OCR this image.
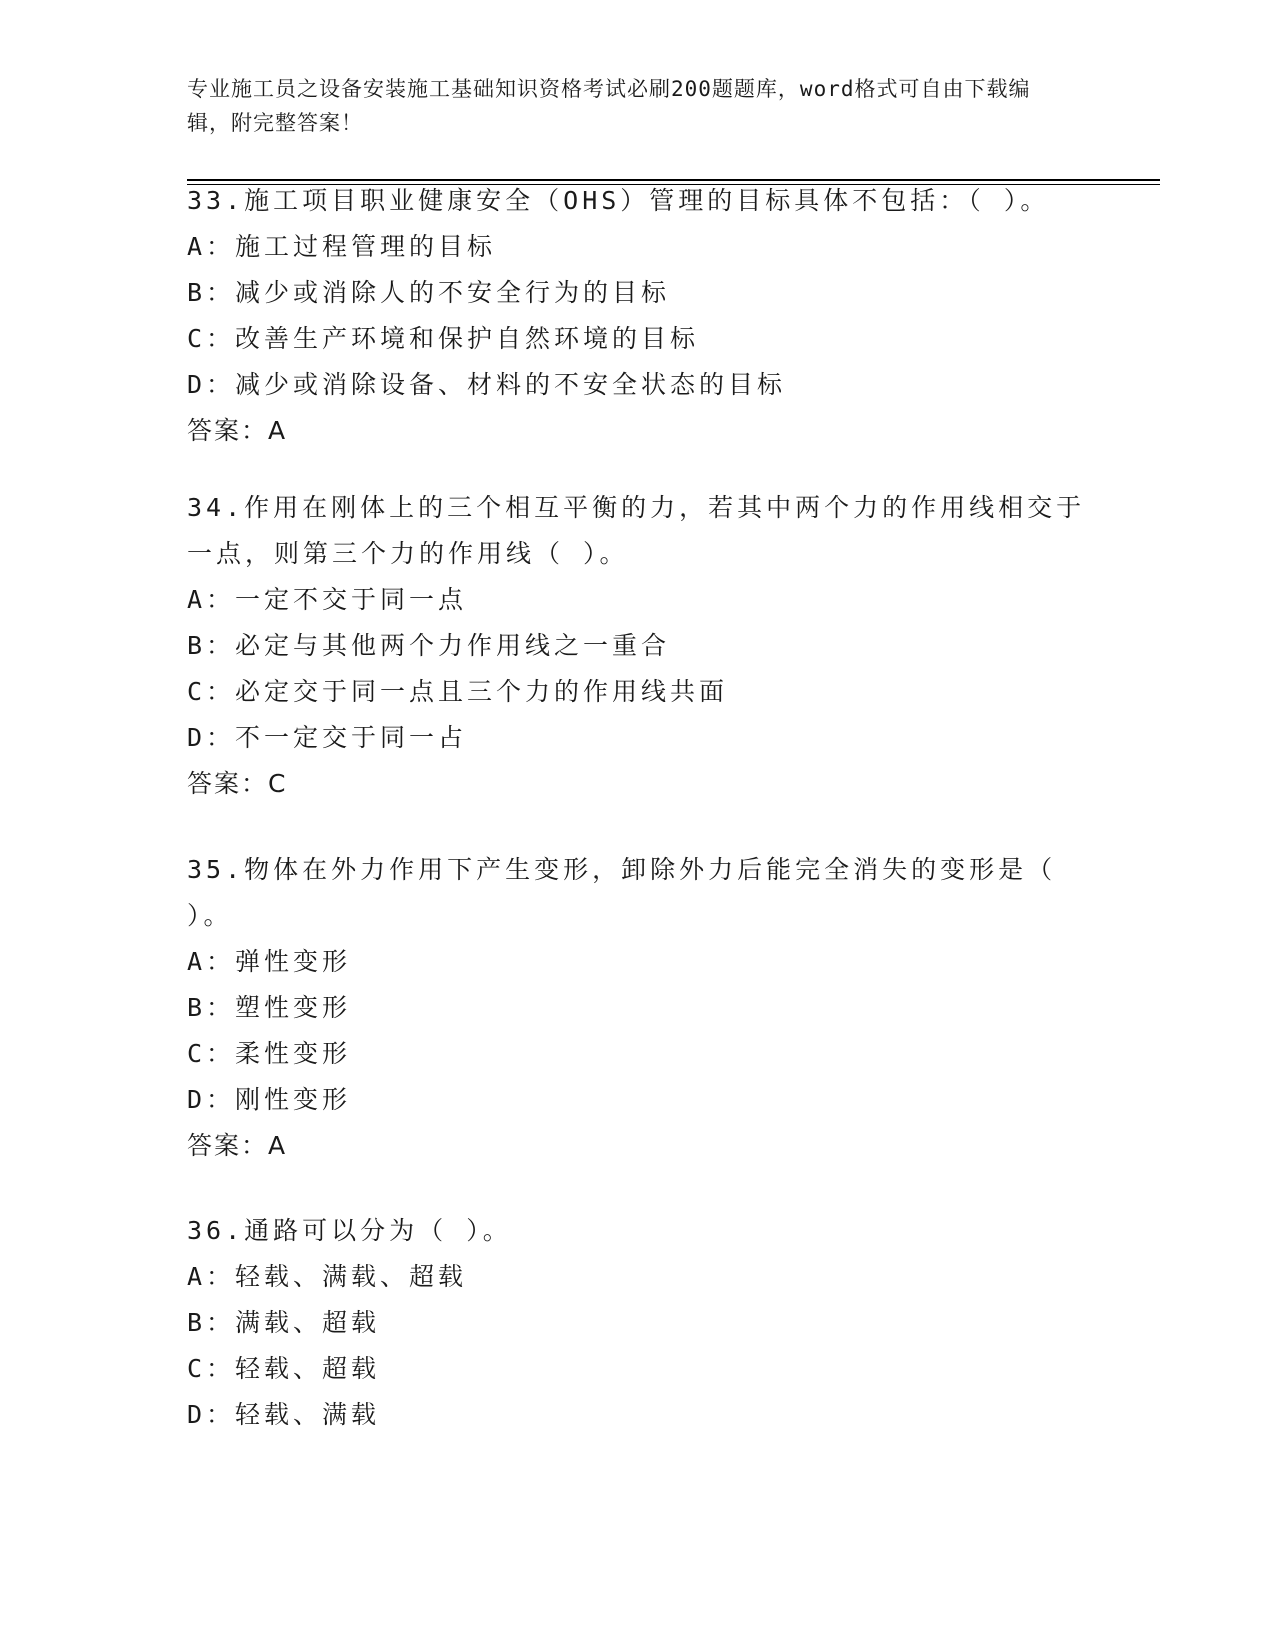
专业施工员之设备安装施工基础知识资格考试必刷200题题库，word格式可自由下载编辑，附完整答案！
33.施工项目职业健康安全（OHS）管理的目标具体不包括：（ ）。
A：施工过程管理的目标
B：减少或消除人的不安全行为的目标
C：改善生产环境和保护自然环境的目标
D：减少或消除设备、材料的不安全状态的目标
答案：A
34.作用在刚体上的三个相互平衡的力，若其中两个力的作用线相交于一点，则第三个力的作用线（ ）。
A：一定不交于同一点
B：必定与其他两个力作用线之一重合
C：必定交于同一点且三个力的作用线共面
D：不一定交于同一占
答案：C
35.物体在外力作用下产生变形，卸除外力后能完全消失的变形是（ ）。
A：弹性变形
B：塑性变形
C：柔性变形
D：刚性变形
答案：A
36.通路可以分为（ ）。
A：轻载、满载、超载
B：满载、超载
C：轻载、超载
D：轻载、满载
